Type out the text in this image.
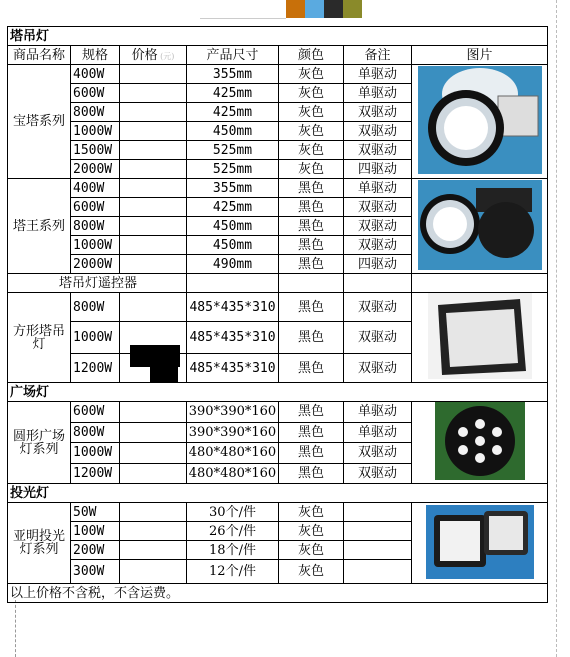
塔吊灯						
商品名称	规格	价格 (元)	产品尺寸	颜色	备注	图片
宝塔系列	400W		355mm	灰色	单驱动	
	600W		425mm	灰色	单驱动	
	800W		425mm	灰色	双驱动	
	1000W		450mm	灰色	双驱动	
	1500W		525mm	灰色	双驱动	
	2000W		525mm	灰色	四驱动	
塔王系列	400W		355mm	黑色	单驱动	
	600W		425mm	黑色	双驱动	
	800W		450mm	黑色	双驱动	
	1000W		450mm	黑色	双驱动	
	2000W		490mm	黑色	四驱动	
塔吊灯遥控器						
方形塔吊灯	800W		485*435*310	黑色	双驱动	
	1000W		485*435*310	黑色	双驱动	
	1200W		485*435*310	黑色	双驱动	
广场灯						
圆形广场灯系列	600W		390*390*160	黑色	单驱动	
	800W		390*390*160	黑色	单驱动	
	1000W		480*480*160	黑色	双驱动	
	1200W		480*480*160	黑色	双驱动	
投光灯						
亚明投光灯系列	50W		30个/件	灰色		
	100W		26个/件	灰色		
	200W		18个/件	灰色		
	300W		12个/件	灰色		
以上价格不含税，不含运费。						
